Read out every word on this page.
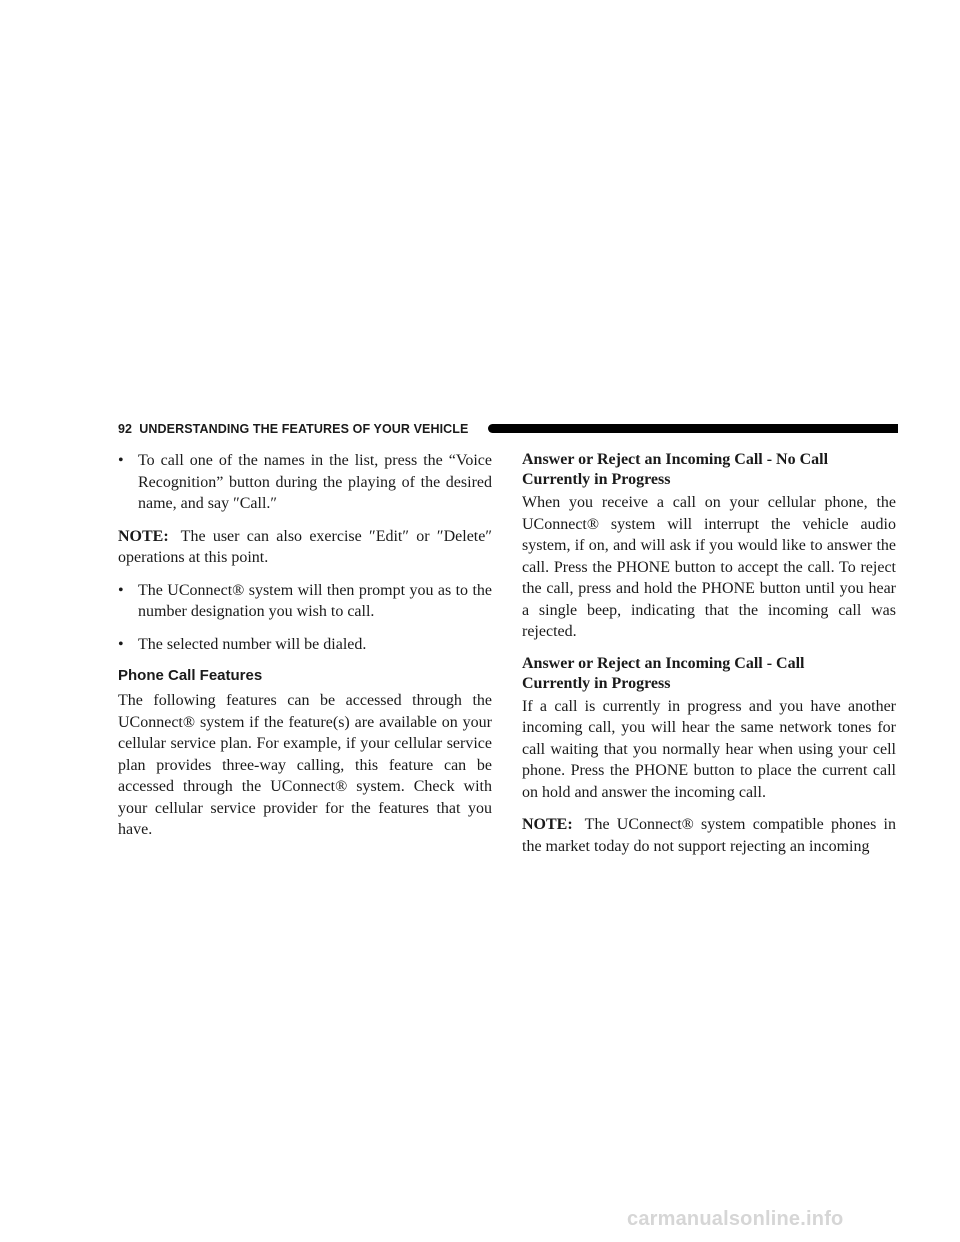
92 UNDERSTANDING THE FEATURES OF YOUR VEHICLE
• To call one of the names in the list, press the “Voice Recognition” button during the playing of the desired name, and say ″Call.″

NOTE: The user can also exercise ″Edit″ or ″Delete″ operations at this point.

• The UConnect® system will then prompt you as to the number designation you wish to call.
• The selected number will be dialed.
Phone Call Features

The following features can be accessed through the UConnect® system if the feature(s) are available on your cellular service plan. For example, if your cellular service plan provides three-way calling, this feature can be accessed through the UConnect® system. Check with your cellular service provider for the features that you have.

Answer or Reject an Incoming Call - No Call
Currently in Progress

When you receive a call on your cellular phone, the UConnect® system will interrupt the vehicle audio system, if on, and will ask if you would like to answer the call. Press the PHONE button to accept the call. To reject the call, press and hold the PHONE button until you hear a single beep, indicating that the incoming call was rejected.

Answer or Reject an Incoming Call - Call
Currently in Progress

If a call is currently in progress and you have another incoming call, you will hear the same network tones for call waiting that you normally hear when using your cell phone. Press the PHONE button to place the current call on hold and answer the incoming call.

NOTE: The UConnect® system compatible phones in the market today do not support rejecting an incoming

carmanualsonline.info
